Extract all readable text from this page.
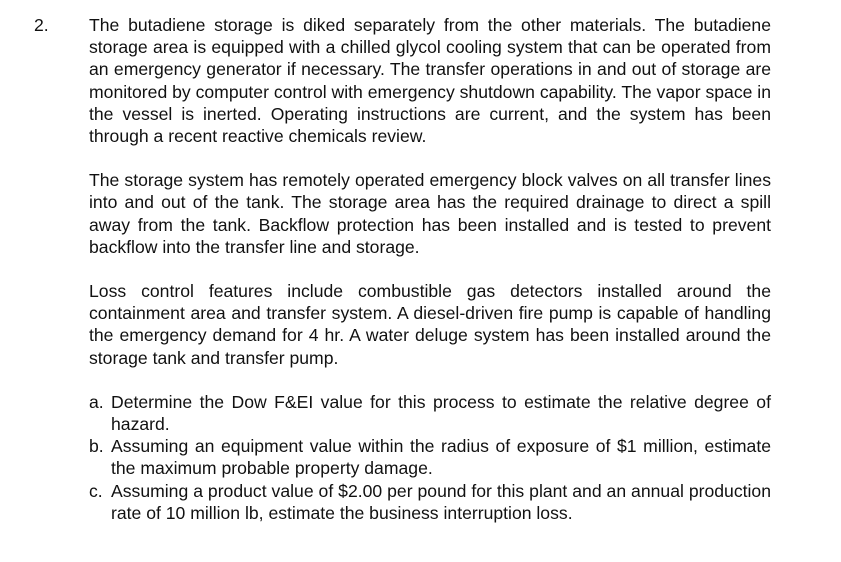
2. The butadiene storage is diked separately from the other materials. The butadiene storage area is equipped with a chilled glycol cooling system that can be operated from an emergency generator if necessary. The transfer operations in and out of storage are monitored by computer control with emergency shutdown capability. The vapor space in the vessel is inerted. Operating instructions are current, and the system has been through a recent reactive chemicals review.

The storage system has remotely operated emergency block valves on all transfer lines into and out of the tank. The storage area has the required drainage to direct a spill away from the tank. Backflow protection has been installed and is tested to prevent backflow into the transfer line and storage.

Loss control features include combustible gas detectors installed around the containment area and transfer system. A diesel-driven fire pump is capable of handling the emergency demand for 4 hr. A water deluge system has been installed around the storage tank and transfer pump.

a. Determine the Dow F&EI value for this process to estimate the relative degree of hazard.
b. Assuming an equipment value within the radius of exposure of $1 million, estimate the maximum probable property damage.
c. Assuming a product value of $2.00 per pound for this plant and an annual production rate of 10 million lb, estimate the business interruption loss.
